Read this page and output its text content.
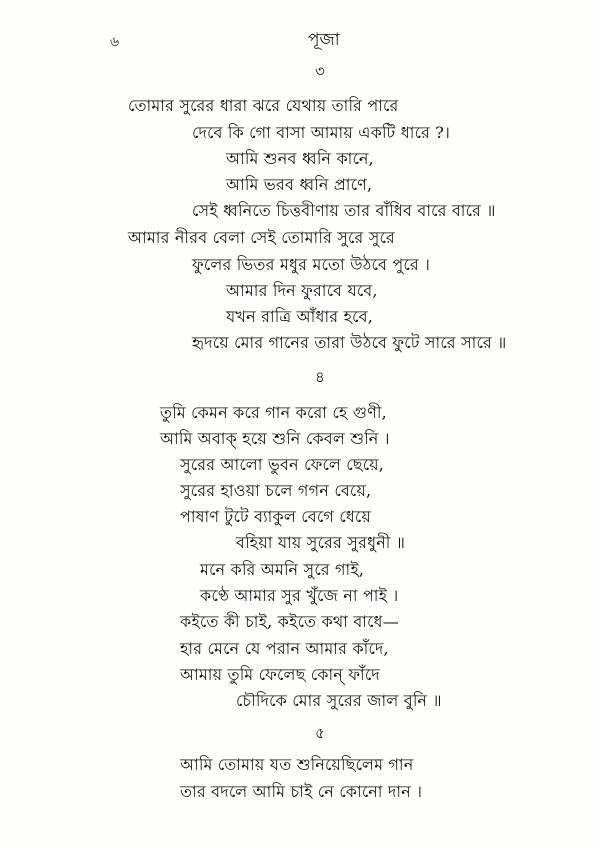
৬	পূজা
৩
তোমার সুরের ধারা ঝরে যেথায় তারি পারে
দেবে কি গো বাসা আমায় একটি ধারে ?।
আমি শুনব ধ্বনি কানে,
আমি ভরব ধ্বনি প্রাণে,
সেই ধ্বনিতে চিত্তবীণায় তার বাঁধিব বারে বারে ॥
আমার নীরব বেলা সেই তোমারি সুরে সুরে
ফুলের ভিতর মধুর মতো উঠবে পুরে ।
আমার দিন ফুরাবে যবে,
যখন রাত্রি আঁধার হবে,
হৃদয়ে মোর গানের তারা উঠবে ফুটে সারে সারে ॥
৪
তুমি কেমন করে গান করো হে গুণী,
আমি অবাক্ হয়ে শুনি কেবল শুনি ।
সুরের আলো ভুবন ফেলে ছেয়ে,
সুরের হাওয়া চলে গগন বেয়ে,
পাষাণ টুটে ব্যাকুল বেগে ধেয়ে
বহিয়া যায় সুরের সুরধুনী ॥
মনে করি অমনি সুরে গাই,
কণ্ঠে আমার সুর খুঁজে না পাই ।
কইতে কী চাই, কইতে কথা বাধে—
হার মেনে যে পরান আমার কাঁদে,
আমায় তুমি ফেলেছ কোন্ ফাঁদে
চৌদিকে মোর সুরের জাল বুনি ॥
৫
আমি তোমায় যত শুনিয়েছিলেম গান
তার বদলে আমি চাই নে কোনো দান ।
